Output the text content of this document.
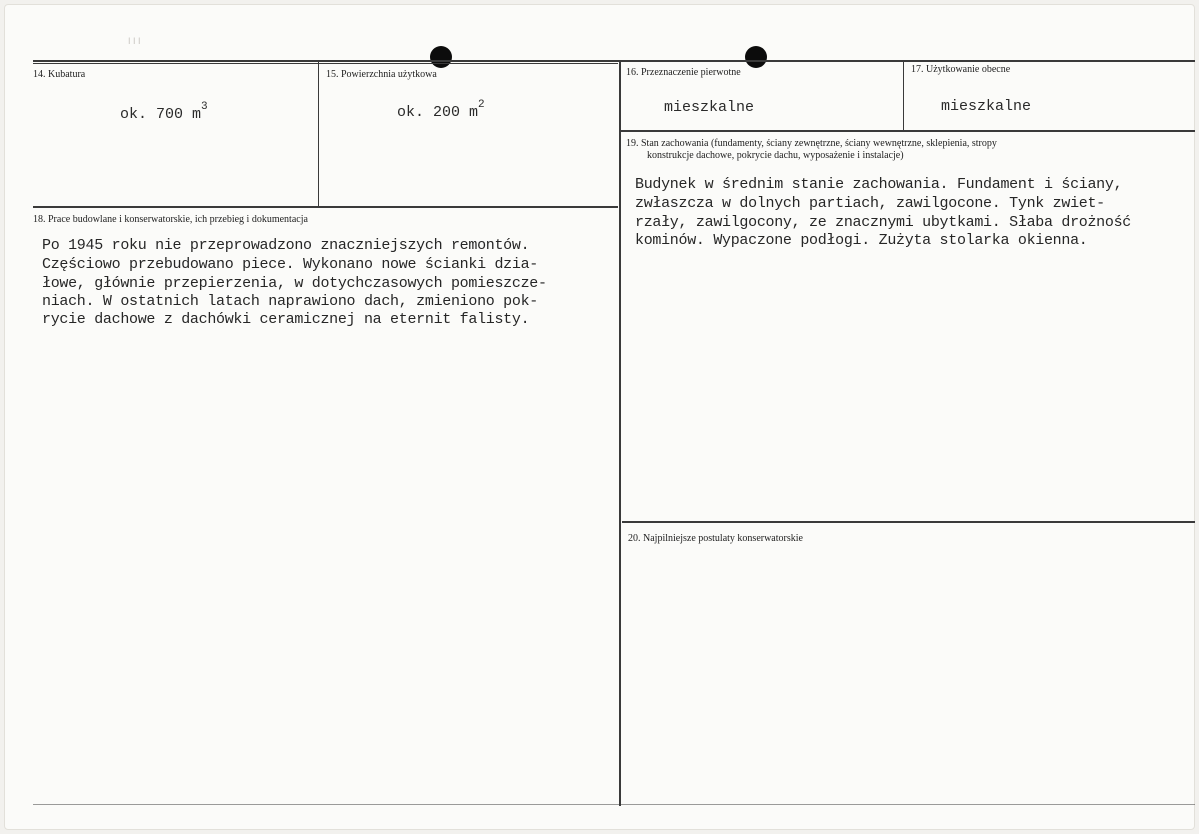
I I I
14. Kubatura
ok. 700 $m^3$
15. Powierzchnia użytkowa
ok. 200 $m^2$
16. Przeznaczenie pierwotne
mieszkalne
17. Użytkowanie obecne
mieszkalne
18. Prace budowlane i konserwatorskie, ich przebieg i dokumentacja
Po 1945 roku nie przeprowadzono znaczniejszych remontów.
Częściowo przebudowano piece. Wykonano nowe ścianki dzia-
łowe, głównie przepierzenia, w dotychczasowych pomieszcze-
niach. W ostatnich latach naprawiono dach, zmieniono pok-
rycie dachowe z dachówki ceramicznej na eternit falisty.
19. Stan zachowania (fundamenty, ściany zewnętrzne, ściany wewnętrzne, sklepienia, stropy
konstrukcje dachowe, pokrycie dachu, wyposażenie i instalacje)
Budynek w średnim stanie zachowania. Fundament i ściany,
zwłaszcza w dolnych partiach, zawilgocone. Tynk zwiet-
rzały, zawilgocony, ze znacznymi ubytkami. Słaba drożność
kominów. Wypaczone podłogi. Zużyta stolarka okienna.
20. Najpilniejsze postulaty konserwatorskie
